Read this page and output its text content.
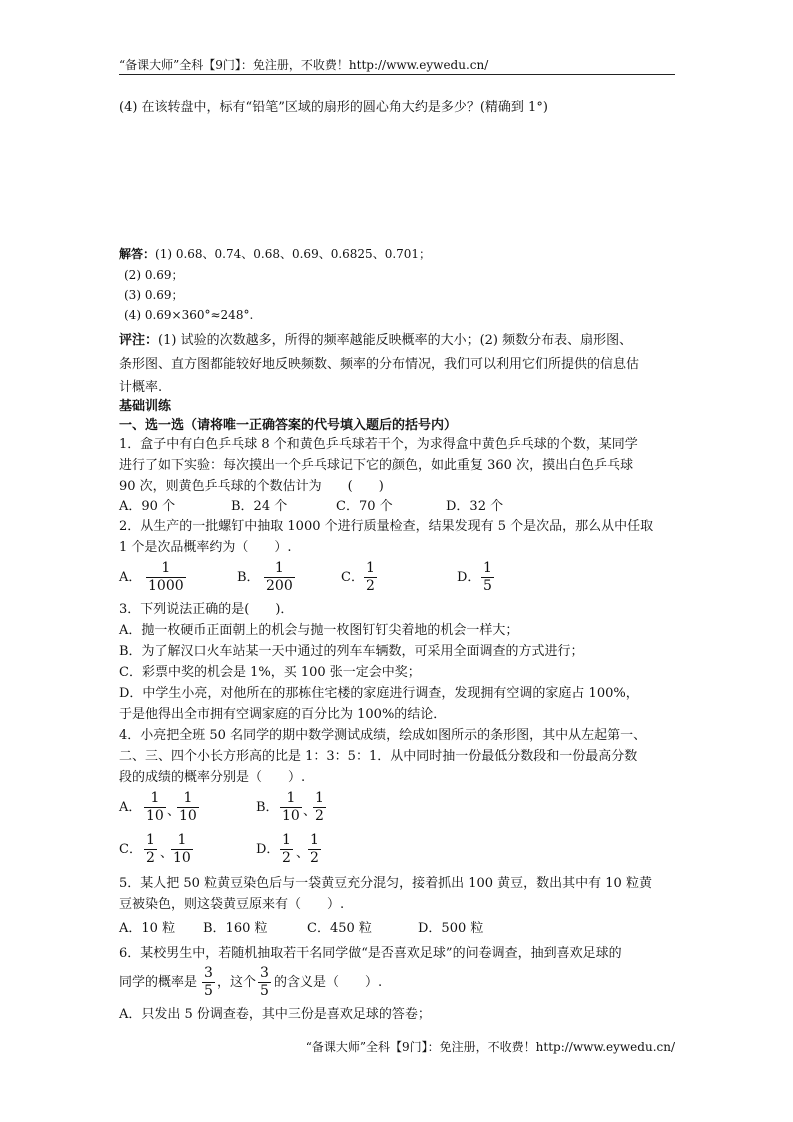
“备课大师”全科【9门】：免注册，不收费！http://www.eywedu.cn/
(4) 在该转盘中，标有“铅笔”区域的扇形的圆心角大约是多少？(精确到 1°)
解答：(1) 0.68、0.74、0.68、0.69、0.6825、0.701；
(2) 0.69；
(3) 0.69；
(4) 0.69×360°≈248°.
评注：(1) 试验的次数越多，所得的频率越能反映概率的大小；(2) 频数分布表、扇形图、
条形图、直方图都能较好地反映频数、频率的分布情况，我们可以利用它们所提供的信息估
计概率.
基础训练
一、选一选（请将唯一正确答案的代号填入题后的括号内）
1．盒子中有白色乒乓球 8 个和黄色乒乓球若干个，为求得盒中黄色乒乓球的个数，某同学
进行了如下实验：每次摸出一个乒乓球记下它的颜色，如此重复 360 次，摸出白色乒乓球
90 次，则黄色乒乓球的个数估计为　　(　　)
A．90 个	B．24 个	C．70 个	D．32 个
2．从生产的一批螺钉中抽取 1000 个进行质量检查，结果发现有 5 个是次品，那么从中任取
1 个是次品概率约为（　　）.
A．
1
1000
B．
1
200
C．
1
2
D．
1
5
3．下列说法正确的是(　　)．
A．抛一枚硬币正面朝上的机会与抛一枚图钉钉尖着地的机会一样大；
B．为了解汉口火车站某一天中通过的列车车辆数，可采用全面调查的方式进行；
C．彩票中奖的机会是 1%，买 100 张一定会中奖；
D．中学生小亮，对他所在的那栋住宅楼的家庭进行调查，发现拥有空调的家庭占 100%，
于是他得出全市拥有空调家庭的百分比为 100%的结论．
4．小亮把全班 50 名同学的期中数学测试成绩，绘成如图所示的条形图，其中从左起第一、
二、三、四个小长方形高的比是 1：3：5：1．从中同时抽一份最低分数段和一份最高分数
段的成绩的概率分别是（　　）.
A．
1
10 、
1
10
B．
1
10 、
1
2
C．
1
2 、
1
10
D．
1
2 、
1
2
5．某人把 50 粒黄豆染色后与一袋黄豆充分混匀，接着抓出 100 黄豆，数出其中有 10 粒黄
豆被染色，则这袋黄豆原来有（　　）.
A．10 粒 B．160 粒	C．450 粒	D．500 粒
6．某校男生中，若随机抽取若干名同学做“是否喜欢足球”的问卷调查，抽到喜欢足球的
同学的概率是
3
5
，这个
3
5
的含义是（　　）.
A．只发出 5 份调查卷，其中三份是喜欢足球的答卷；
“备课大师”全科【9门】：免注册，不收费！http://www.eywedu.cn/
